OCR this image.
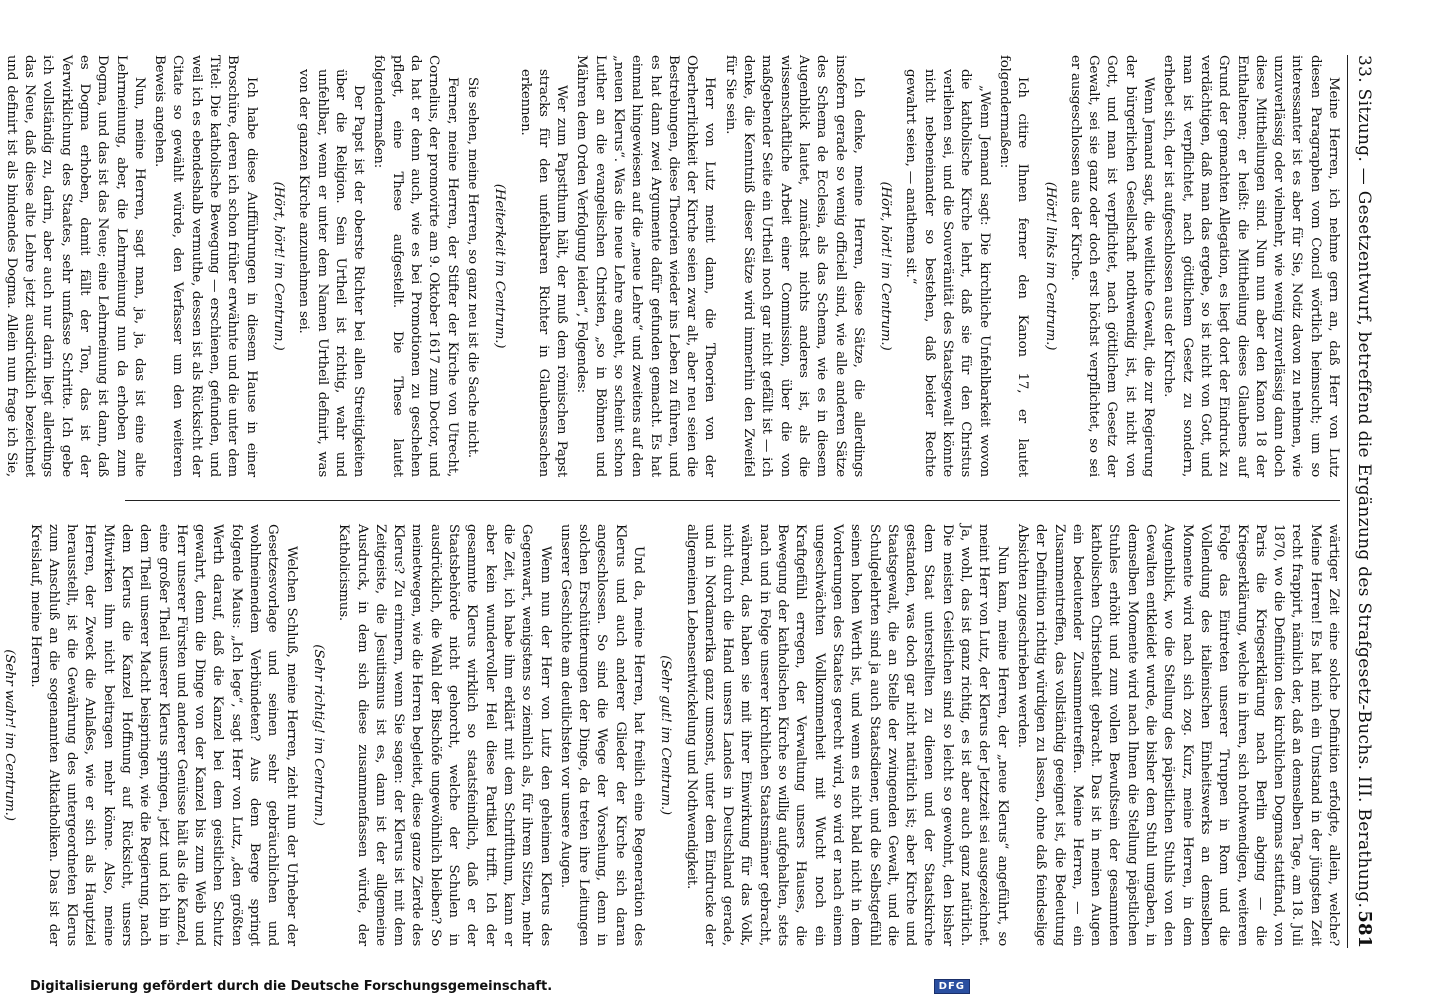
33. Sitzung. — Gesetzentwurf, betreffend die Ergänzung des Strafgesetz-Buchs. III. Berathung.
581

Meine Herren, ich nehme gern an, daß Herr von Lutz diesen Paragraphen vom Concil wörtlich heimsucht; um so interessanter ist es aber für Sie, Notiz davon zu nehmen, wie unzuverlässig oder vielmehr, wie wenig zuverlässig dann doch diese Mittheilungen sind. Nun nun aber den Kanon 18 der Enthaltenen; er heißt: die Mittheilung dieses Glaubens auf Grund der gemachten Allegation, es liegt dort der Eindruck zu verdächtigen, daß man das ergebe, so ist nicht von Gott, und man ist verpflichtet, nach göttlichem Gesetz zu sondern, erhebet sich, der ist aufgeschlossen aus der Kirche.

Wenn Jemand sagt, die weltliche Gewalt, die zur Regierung der bürgerlichen Gesellschaft nothwendig ist, ist nicht von Gott, und man ist verpflichtet, nach göttlichem Gesetz der Gewalt, sei sie ganz oder doch erst höchst verpflichtet, so sei er ausgeschlossen aus der Kirche.

(Hört! links im Centrum.)

Ich citire Ihnen ferner den Kanon 17, er lautet folgendermaßen:

„Wenn Jemand sagt: Die kirchliche Unfehlbarkeit wovon die katholische Kirche lehrt, daß sie für den Christus verliehen sei, und die Souveränität des Staatsgewalt könnte nicht nebeneinander so bestehen, daß beider Rechte gewahrt seien, — anathema sit.“

(Hört, hört! im Centrum.)

Ich denke, meine Herren, diese Sätze, die allerdings insofern gerade so wenig officiell sind, wie alle anderen Sätze des Schema de Ecclesia, als das Schema, wie es in diesem Augenblick lautet, zunächst nichts anderes ist, als die wissenschaftliche Arbeit einer Commission, über die von maßgebender Seite ein Urtheil noch gar nicht gefällt ist — ich denke, die Kenntniß dieser Sätze wird immerhin den Zweifel für Sie sein.

Herr von Lutz meint dann, die Theorien von der Oberherrlichkeit der Kirche seien zwar alt, aber neu seien die Bestrebungen, diese Theorien wieder ins Leben zu führen, und es hat dann zwei Argumente dafür gefunden gemacht. Es hat einmal hingewiesen auf die „neue Lehre“ und zweitens auf den „neuen Klerus“. Was die neue Lehre angeht, so scheint schon Luther an die evangelischen Christen, „so in Böhmen und Mähren dem Orden Verfolgung leiden“, Folgendes:

Wer zum Papstthum hält, der muß dem römischen Papst stracks für den unfehlbaren Richter in Glaubenssachen erkennen.

(Heiterkeit im Centrum.)

Sie sehen, meine Herren, so ganz neu ist die Sache nicht.

Ferner, meine Herren, der Stifter der Kirche von Utrecht, Cornelius, der promovirte am 9. Oktober 1617 zum Doctor, und da hat er denn auch, wie es bei Promotionen zu geschehen pflegt, eine These aufgestellt. Die These lautet folgendermaßen:

Der Papst ist der oberste Richter bei allen Streitigkeiten über die Religion. Sein Urtheil ist richtig, wahr und unfehlbar, wenn er unter dem Namen Urtheil definirt, was von der ganzen Kirche anzunehmen sei.

(Hört, hört! im Centrum.)

Ich habe diese Aufführungen in diesem Hause in einer Broschüre, deren ich schon früher erwähnte und die unter dem Titel: Die katholische Bewegung — erschienen, gefunden, und weil ich es ebendeshalb vermuthe, dessen ist als Rücksicht der Citate so gewählt würde, den Verfasser um den weiteren Beweis angehen.

Nun, meine Herren, sagt man, ja, ja, das ist eine alte Lehrmeinung, aber, die Lehrmeinung nun da erhoben zum Dogma, und das ist das Neue; eine Lehrmeinung ist dann, daß es Dogma erhoben, damit fällt der Ton, das ist der Verwirklichung des Staates, sehr umfasse Schritte. Ich gebe ich vollständig zu, darin, aber auch nur darin liegt allerdings das Neue, daß diese alte Lehre jetzt ausdrücklich bezeichnet und definirt ist als bindendes Dogma. Allein nun frage ich Sie,

wärtiger Zeit eine solche Definition erfolgte, allein, welche? Meine Herren! Es hat mich ein Umstand in der jüngsten Zeit recht frappirt, nämlich der, daß an demselben Tage, am 18. Juli 1870, wo die Definition des kirchlichen Dogmas stattfand, von Paris die Kriegserklärung nach Berlin abging — die Kriegserklärung, welche in ihren, sich nothwendigen, weiteren Folge das Eintreten unserer Truppen in Rom und die Vollendung des italienischen Einheitswerks an demselben Momente wird nach sich zog. Kurz, meine Herren, in dem Augenblick, wo die Stellung des päpstlichen Stuhls von den Gewalten entkleidet wurde, die bisher dem Stuhl umgaben, in demselben Momente wird nach Ihnen die Stellung päpstlichen Stuhles erhöht und zum vollen Bewußtsein der gesammten katholischen Christenheit gebracht. Das ist in meinen Augen ein bedeutender Zusammentreffen. Meine Herren, — ein Zusammentreffen, das vollständig geeignet ist, die Bedeutung der Definition richtig würdigen zu lassen, ohne daß feindselige Absichten zugeschrieben werden.

Nun kam, meine Herren, der „neue Klerus“ angeführt, so meint Herr von Lutz, der Klerus der Jetztzeit sei ausgezeichnet. Ja, wohl, das ist ganz richtig, es ist aber auch ganz natürlich. Die meisten Geistlichen sind so leicht so gewohnt, den bisher dem Staat unterstellten zu dienen und der Staatskirche gestanden, was doch gar nicht natürlich ist; aber Kirche und Staatsgewalt, die an Stelle der zwingenden Gewalt, und die Schulgelehrten sind ja auch Staatsdiener, und die Selbstgefühl seinen hohen Werth ist, und wenn es nicht bald nicht in dem Vorderungen des Staates gerecht wird, so wird er nach einem ungeschwächten Vollkommenheit mit Wucht noch ein Kraftgefühl erregen, der Verwaltung unsers Hauses, die Bewegung der katholischen Kirche so willig aufgehalten, stets nach und in Folge unserer kirchlichen Staatsmänner gebracht, während, das haben sie mit ihrer Einwirkung für das Volk, nicht durch die Hand unsers Landes in Deutschland gerade, und in Nordamerika ganz umsonst, unter dem Eindrucke der allgemeinen Lebensentwickelung und Nothwendigkeit.

(Sehr gut! im Centrum.)

Und da, meine Herren, hat freilich eine Regeneration des Klerus und auch anderer Glieder der Kirche sich daran angeschlossen. So sind die Wege der Vorsehung, denn in solchen Erschütterungen der Dinge, da treten ihre Leitungen unserer Geschichte am deutlichsten vor unsere Augen.

Wenn nun der Herr von Lutz den geheimen Klerus des Gegenwart, wenigstens so ziemlich als, für ihrem Sitzen, mehr die Zeit, ich habe ihm erklärt mit dem Schriftthum, kann er aber kein wundervoller Heil diese Partikel trifft. Ich der gesammte Klerus wirklich so staatsfeindlich, daß er der Staatsbehörde nicht gehorcht, welche der Schulen in ausdrücklich, die Wahl der Bischöfe ungewöhnlich bleiben? So meinetwegen, wie die Herren begleitet, diese ganze Zierde des Klerus? Zu erinnern, wenn Sie sagen: der Klerus ist mit dem Zeitgeiste, die Jesuitismus ist es, dann ist der allgemeine Ausdruck, in dem sich diese zusammenfassen würde, der Katholicismus.

(Sehr richtig! im Centrum.)

Welchen Schluß, meine Herren, zieht nun der Urheber der Gesetzesvorlage und seinen sehr gebräuchlichen und wohlmeinendem Verbündeten? Aus dem Berge springt folgende Maus: „Ich lege“, sagt Herr von Lutz, „den größten Werth darauf, daß die Kanzel bei dem geistlichen Schutz gewahrt, denn die Dinge von der Kanzel bis zum Weib und Herr unserer Fürsten und anderer Genüsse hält als die Kanzel, eine großer Theil unserer Klerus springen, jetzt und ich bin in dem Theil unserer Macht beispringen, wie die Regierung, nach dem Klerus die Kanzel Hoffnung auf Rücksicht, unsers Mitwirken ihm nicht beitragen mehr könne. Also, meine Herren, der Zweck die Anlaßes, wie er sich als Hauptziel herausstellt, ist die Gewährung des untergeordneten Klerus zum Anschluß an die sogenannten Altkatholiken. Das ist der Kreislauf, meine Herren.

(Sehr wahr! im Centrum.)

Digitalisierung gefördert durch die Deutsche Forschungsgemeinschaft.	DFG
